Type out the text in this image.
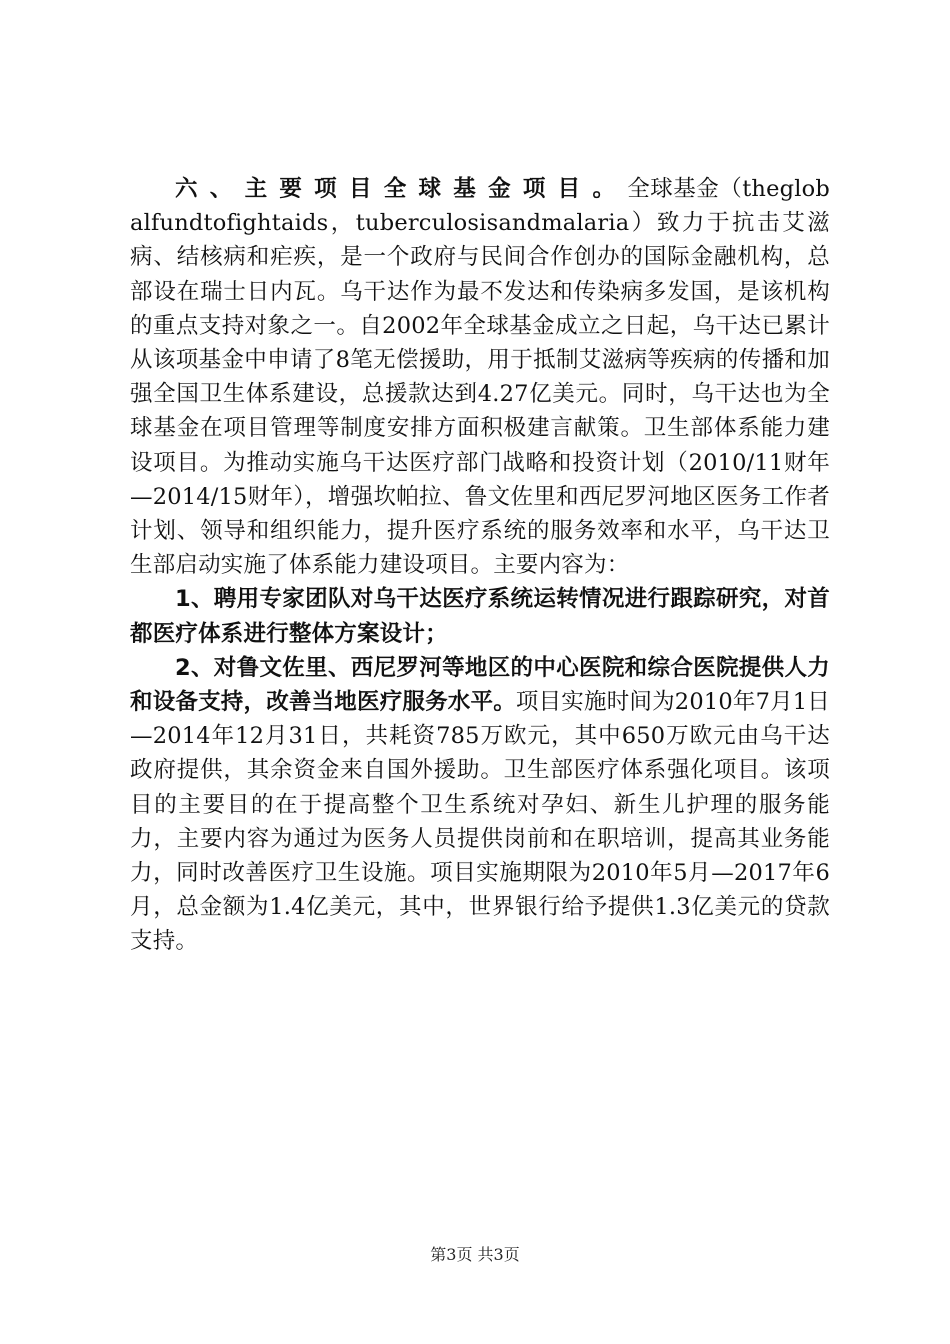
六、主要项目全球基金项目。全球基金（theglobalfundtofightaids，tuberculosisandmalaria）致力于抗击艾滋病、结核病和疟疾，是一个政府与民间合作创办的国际金融机构，总部设在瑞士日内瓦。乌干达作为最不发达和传染病多发国，是该机构的重点支持对象之一。自2002年全球基金成立之日起，乌干达已累计从该项基金中申请了8笔无偿援助，用于抵制艾滋病等疾病的传播和加强全国卫生体系建设，总援款达到4.27亿美元。同时，乌干达也为全球基金在项目管理等制度安排方面积极建言献策。卫生部体系能力建设项目。为推动实施乌干达医疗部门战略和投资计划（2010/11财年—2014/15财年），增强坎帕拉、鲁文佐里和西尼罗河地区医务工作者计划、领导和组织能力，提升医疗系统的服务效率和水平，乌干达卫生部启动实施了体系能力建设项目。主要内容为：

1、聘用专家团队对乌干达医疗系统运转情况进行跟踪研究，对首都医疗体系进行整体方案设计；

2、对鲁文佐里、西尼罗河等地区的中心医院和综合医院提供人力和设备支持，改善当地医疗服务水平。项目实施时间为2010年7月1日—2014年12月31日，共耗资785万欧元，其中650万欧元由乌干达政府提供，其余资金来自国外援助。卫生部医疗体系强化项目。该项目的主要目的在于提高整个卫生系统对孕妇、新生儿护理的服务能力，主要内容为通过为医务人员提供岗前和在职培训，提高其业务能力，同时改善医疗卫生设施。项目实施期限为2010年5月—2017年6月，总金额为1.4亿美元，其中，世界银行给予提供1.3亿美元的贷款支持。

第3页 共3页
